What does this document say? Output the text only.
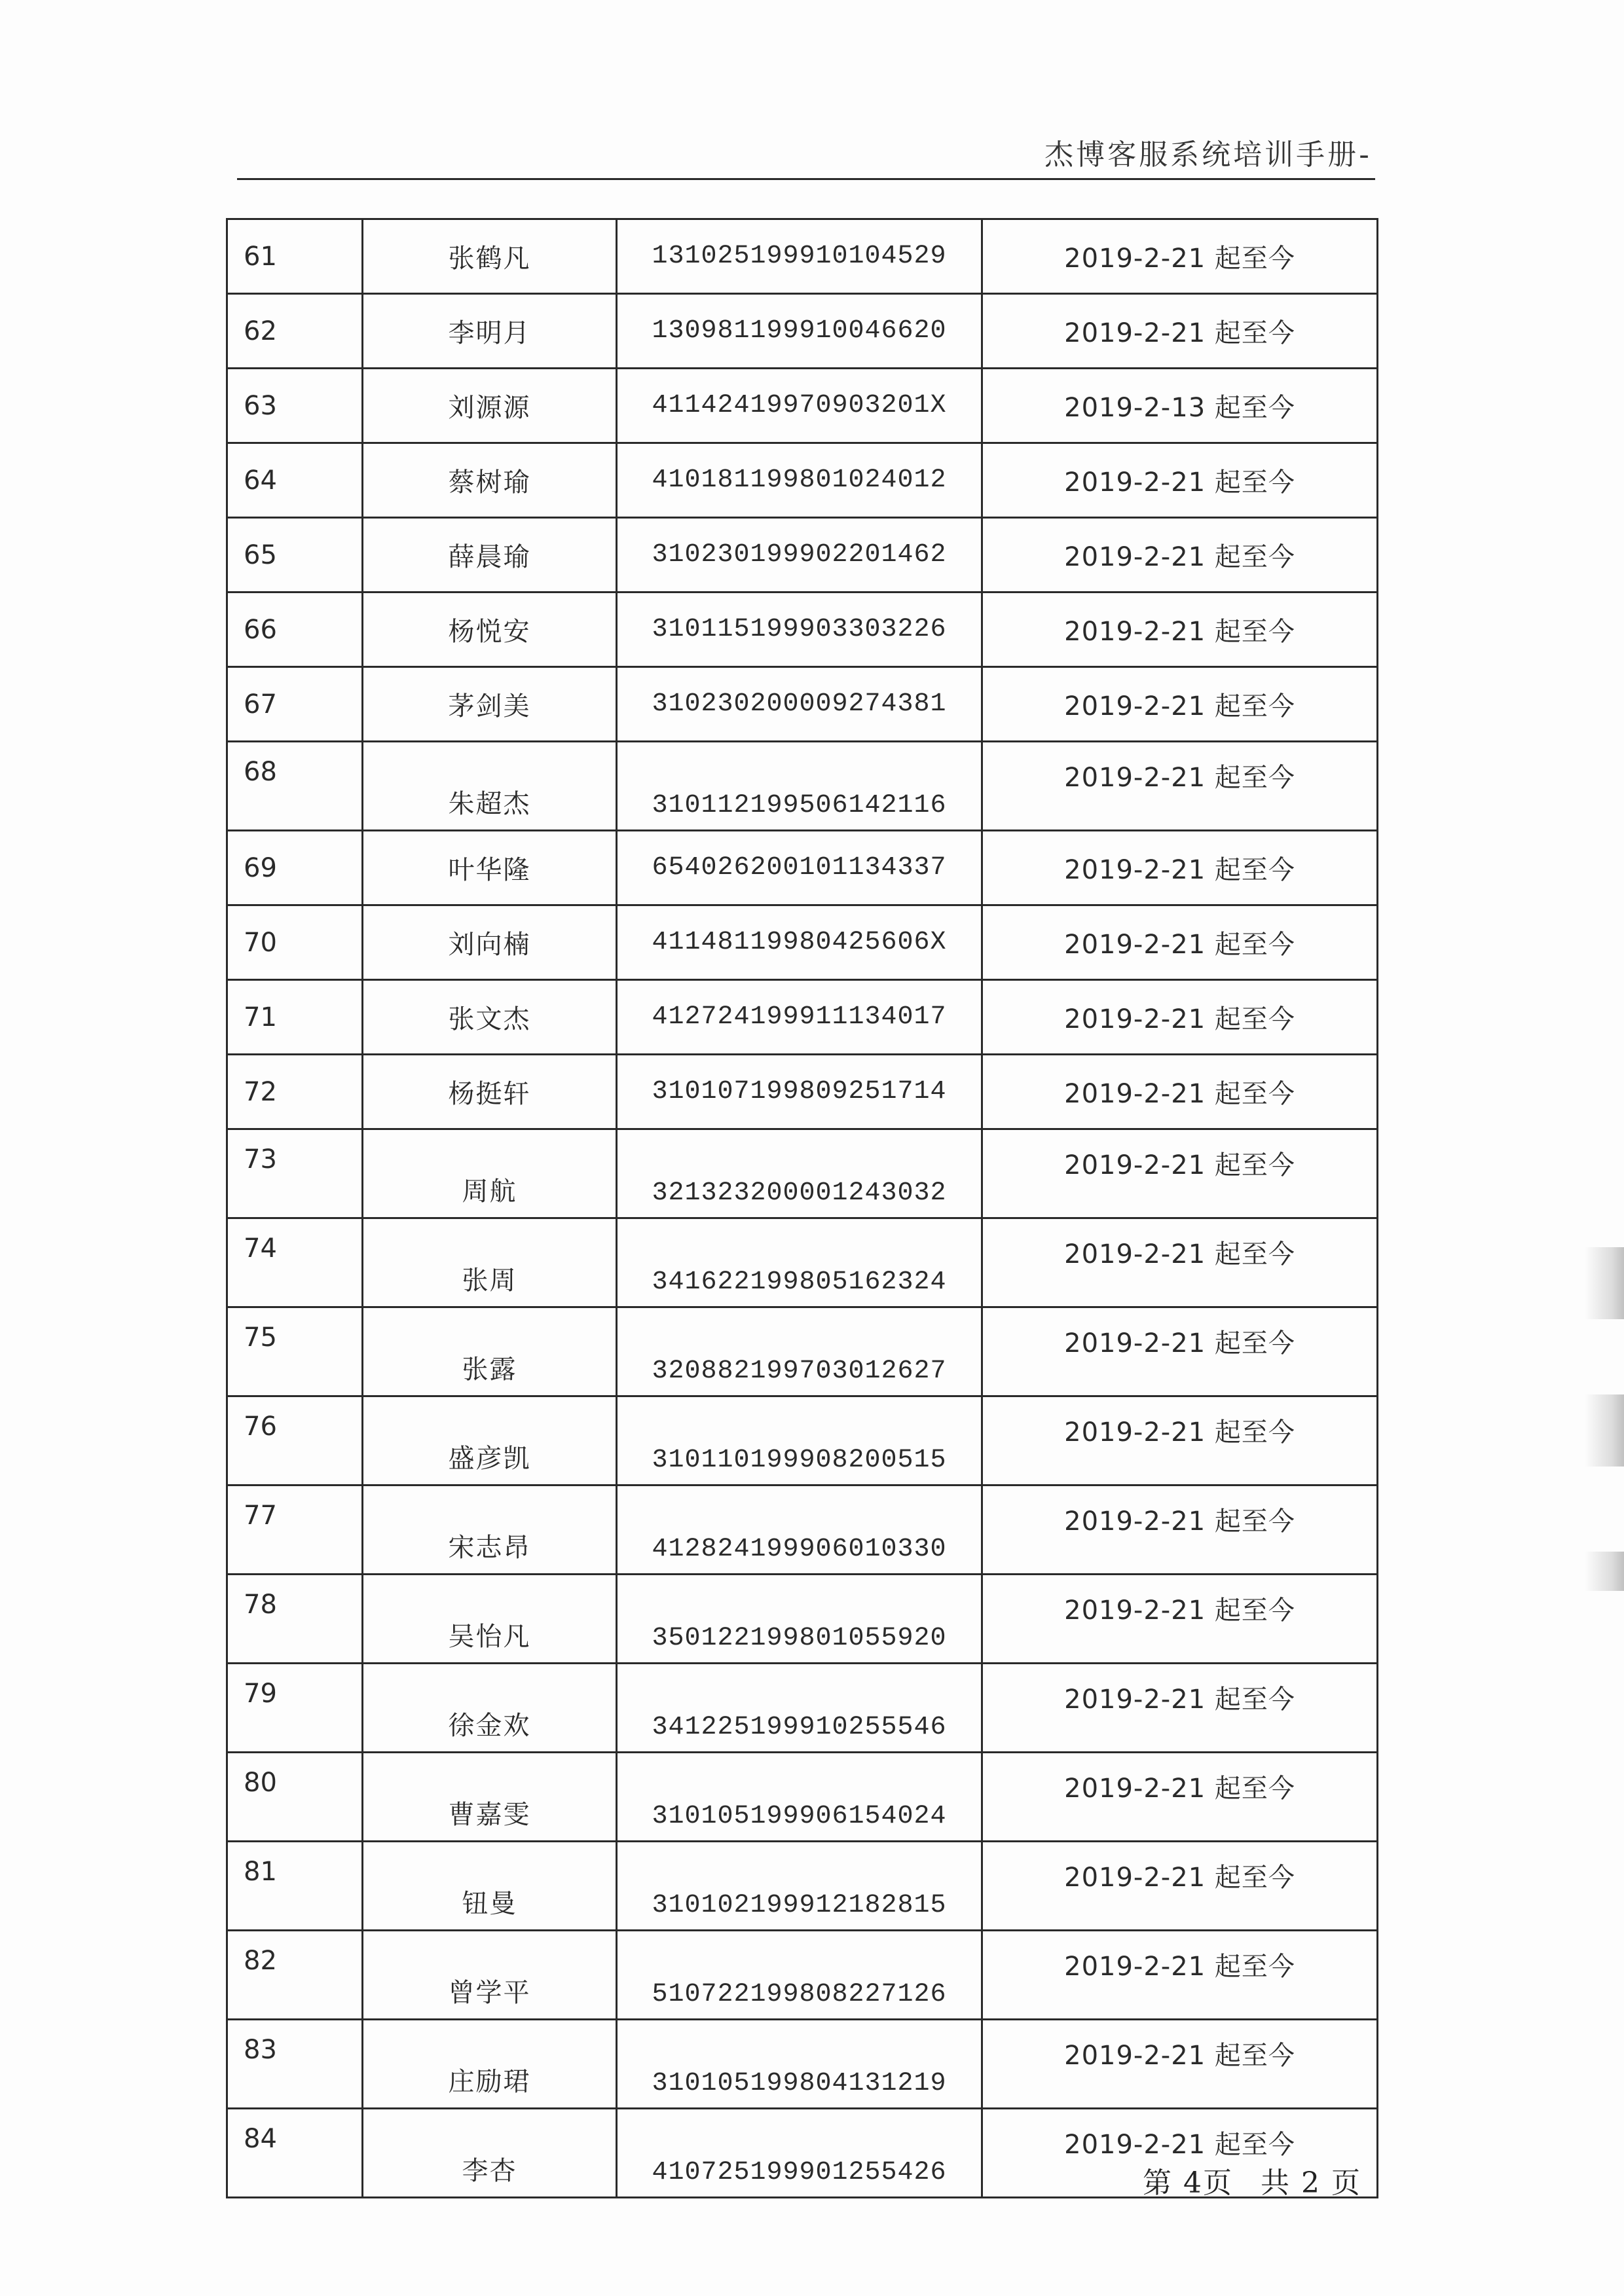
杰博客服系统培训手册-
61	张鹤凡	131025199910104529	2019-2-21 起至今
62	李明月	130981199910046620	2019-2-21 起至今
63	刘源源	41142419970903201X	2019-2-13 起至今
64	蔡树瑜	410181199801024012	2019-2-21 起至今
65	薛晨瑜	310230199902201462	2019-2-21 起至今
66	杨悦安	310115199903303226	2019-2-21 起至今
67	茅剑美	310230200009274381	2019-2-21 起至今
68	朱超杰	310112199506142116	2019-2-21 起至今
69	叶华隆	654026200101134337	2019-2-21 起至今
70	刘向楠	41148119980425606X	2019-2-21 起至今
71	张文杰	412724199911134017	2019-2-21 起至今
72	杨挺轩	310107199809251714	2019-2-21 起至今
73	周航	321323200001243032	2019-2-21 起至今
74	张周	341622199805162324	2019-2-21 起至今
75	张露	320882199703012627	2019-2-21 起至今
76	盛彦凯	310110199908200515	2019-2-21 起至今
77	宋志昂	412824199906010330	2019-2-21 起至今
78	吴怡凡	350122199801055920	2019-2-21 起至今
79	徐金欢	341225199910255546	2019-2-21 起至今
80	曹嘉雯	310105199906154024	2019-2-21 起至今
81	钮曼	310102199912182815	2019-2-21 起至今
82	曾学平	510722199808227126	2019-2-21 起至今
83	庄励珺	310105199804131219	2019-2-21 起至今
84	李杏	410725199901255426	2019-2-21 起至今
第 4页 共 2 页
